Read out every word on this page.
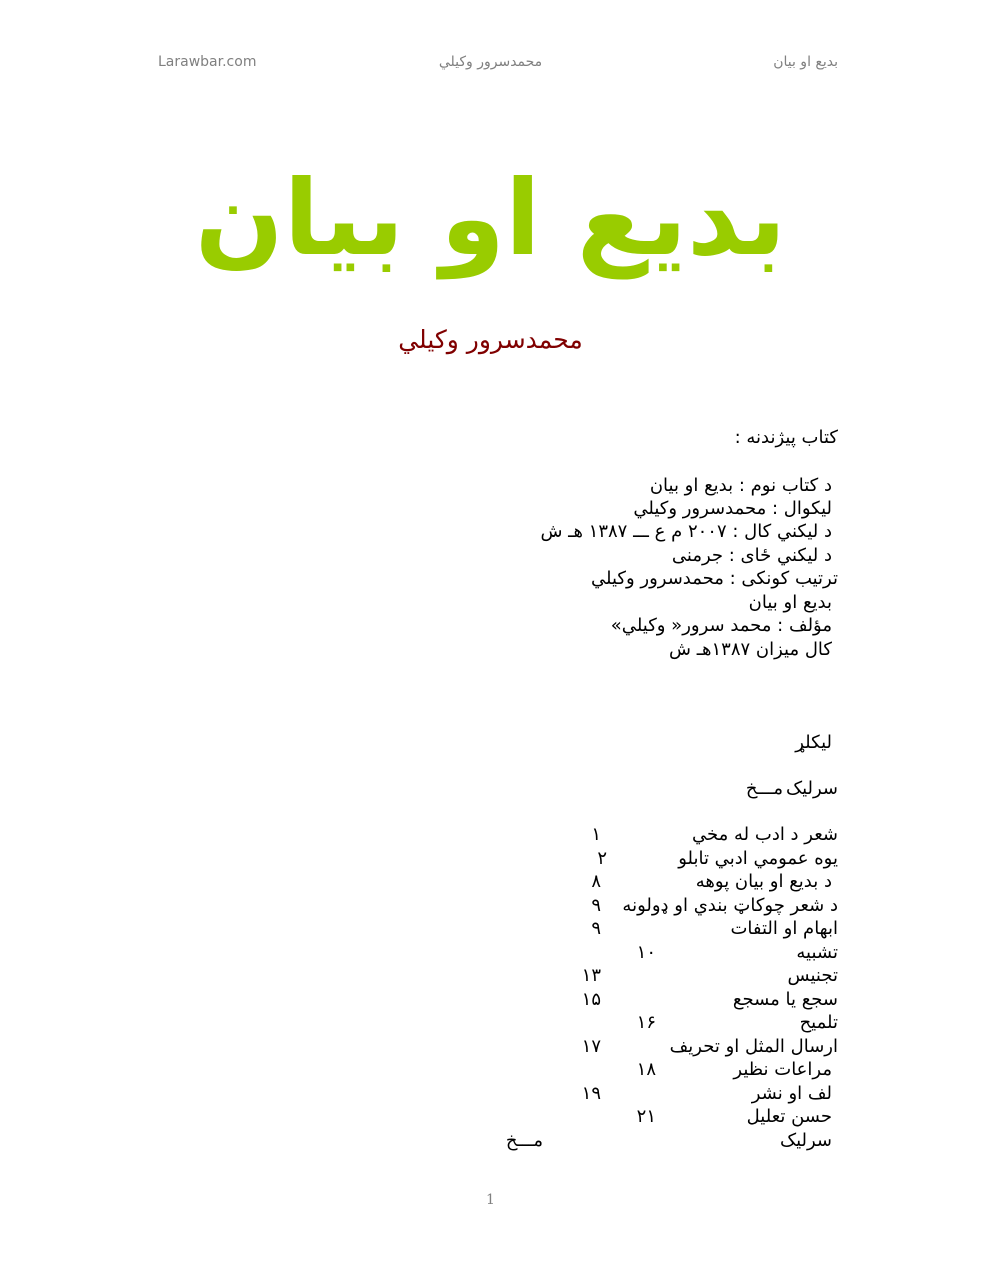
Larawbar.com	محمدسرور وکيلي	بديع او بيان
بديع او بيان
محمدسرور وکيلي
کتاب پيژندنه :
د کتاب نوم : بديع او بيان
ليکوال : محمدسرور وکيلي
د ليکني کال : ۲۰۰۷ م ع ـــ ۱۳۸۷ هـ ش
د ليکني ځای : جرمنی
ترتيب کونکی : محمدسرور وکيلي
بديع او بيان
مؤلف : محمد سرور« وکيلي»
کال ميزان ۱۳۸۷هـ ش
ليکلړ
سرليک
مـــخ
شعر د ادب له مخي
۱
يوه عمومي ادبي تابلو
۲
د بديع او بيان پوهه
۸
د شعر چوکاټ بندي او ډولونه
۹
ابهام او التفات
۹
تشبيه
۱۰
تجنيس
۱۳
سجع يا مسجع
۱۵
تلميح
۱۶
ارسال المثل او تحريف
۱۷
مراعات نظير
۱۸
لف او نشر
۱۹
حسن تعليل
۲۱
سرليک
مـــخ
1
